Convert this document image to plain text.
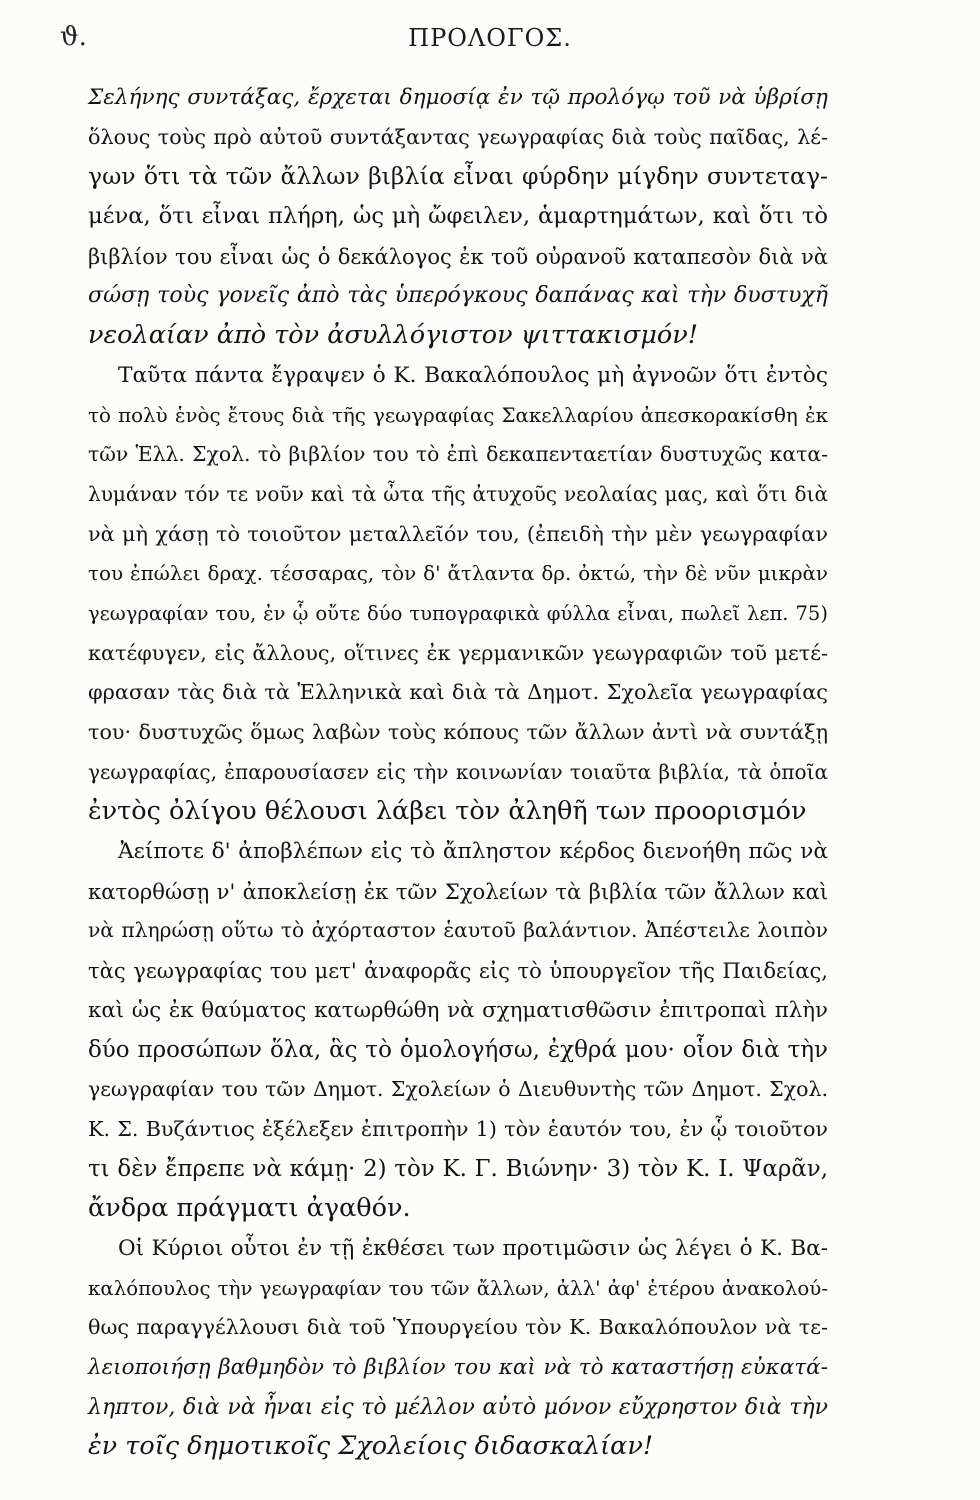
ϑ.	ΠΡΟΛΟΓΟΣ.
Σελήνης συντάξας, ἔρχεται δημοσίᾳ ἐν τῷ προλόγῳ τοῦ νὰ ὑβρίσῃ
ὅλους τοὺς πρὸ αὐτοῦ συντάξαντας γεωγραφίας διὰ τοὺς παῖδας, λέ-
γων ὅτι τὰ τῶν ἄλλων βιβλία εἶναι φύρδην μίγδην συντεταγ-
μένα, ὅτι εἶναι πλήρη, ὡς μὴ ὤφειλεν, ἁμαρτημάτων, καὶ ὅτι τὸ
βιβλίον του εἶναι ὡς ὁ δεκάλογος ἐκ τοῦ οὐρανοῦ καταπεσὸν διὰ νὰ
σώσῃ τοὺς γονεῖς ἀπὸ τὰς ὑπερόγκους δαπάνας καὶ τὴν δυστυχῆ
νεολαίαν ἀπὸ τὸν ἀσυλλόγιστον ψιττακισμόν!
Ταῦτα πάντα ἔγραψεν ὁ Κ. Βακαλόπουλος μὴ ἀγνοῶν ὅτι ἐντὸς
τὸ πολὺ ἑνὸς ἔτους διὰ τῆς γεωγραφίας Σακελλαρίου ἀπεσκορακίσθη ἐκ
τῶν Ἑλλ. Σχολ. τὸ βιβλίον του τὸ ἐπὶ δεκαπενταετίαν δυστυχῶς κατα-
λυμάναν τόν τε νοῦν καὶ τὰ ὦτα τῆς ἀτυχοῦς νεολαίας μας, καὶ ὅτι διὰ
νὰ μὴ χάσῃ τὸ τοιοῦτον μεταλλεῖόν του, (ἐπειδὴ τὴν μὲν γεωγραφίαν
του ἐπώλει δραχ. τέσσαρας, τὸν δ' ἄτλαντα δρ. ὀκτώ, τὴν δὲ νῦν μικρὰν
γεωγραφίαν του, ἐν ᾧ οὔτε δύο τυπογραφικὰ φύλλα εἶναι, πωλεῖ λεπ. 75)
κατέφυγεν, εἰς ἄλλους, οἵτινες ἐκ γερμανικῶν γεωγραφιῶν τοῦ μετέ-
φρασαν τὰς διὰ τὰ Ἑλληνικὰ καὶ διὰ τὰ Δημοτ. Σχολεῖα γεωγραφίας
του· δυστυχῶς ὅμως λαβὼν τοὺς κόπους τῶν ἄλλων ἀντὶ νὰ συντάξῃ
γεωγραφίας, ἐπαρουσίασεν εἰς τὴν κοινωνίαν τοιαῦτα βιβλία, τὰ ὁποῖα
ἐντὸς ὀλίγου θέλουσι λάβει τὸν ἀληθῆ των προορισμόν
Ἀείποτε δ' ἀποβλέπων εἰς τὸ ἄπληστον κέρδος διενοήθη πῶς νὰ
κατορθώσῃ ν' ἀποκλείσῃ ἐκ τῶν Σχολείων τὰ βιβλία τῶν ἄλλων καὶ
νὰ πληρώσῃ οὕτω τὸ ἀχόρταστον ἑαυτοῦ βαλάντιον. Ἀπέστειλε λοιπὸν
τὰς γεωγραφίας του μετ' ἀναφορᾶς εἰς τὸ ὑπουργεῖον τῆς Παιδείας,
καὶ ὡς ἐκ θαύματος κατωρθώθη νὰ σχηματισθῶσιν ἐπιτροπαὶ πλὴν
δύο προσώπων ὅλα, ἃς τὸ ὁμολογήσω, ἐχθρά μου· οἷον διὰ τὴν
γεωγραφίαν του τῶν Δημοτ. Σχολείων ὁ Διευθυντὴς τῶν Δημοτ. Σχολ.
Κ. Σ. Βυζάντιος ἐξέλεξεν ἐπιτροπὴν 1) τὸν ἑαυτόν του, ἐν ᾧ τοιοῦτον
τι δὲν ἔπρεπε νὰ κάμῃ· 2) τὸν Κ. Γ. Βιώνην· 3) τὸν Κ. Ι. Ψαρᾶν,
ἄνδρα πράγματι ἀγαθόν.
Οἱ Κύριοι οὗτοι ἐν τῇ ἐκθέσει των προτιμῶσιν ὡς λέγει ὁ Κ. Βα-
καλόπουλος τὴν γεωγραφίαν του τῶν ἄλλων, ἀλλ' ἀφ' ἑτέρου ἀνακολού-
θως παραγγέλλουσι διὰ τοῦ Ὑπουργείου τὸν Κ. Βακαλόπουλον νὰ τε-
λειοποιήσῃ βαθμηδὸν τὸ βιβλίον του καὶ νὰ τὸ καταστήσῃ εὐκατά-
ληπτον, διὰ νὰ ἦναι εἰς τὸ μέλλον αὐτὸ μόνον εὔχρηστον διὰ τὴν
ἐν τοῖς δημοτικοῖς Σχολείοις διδασκαλίαν!
